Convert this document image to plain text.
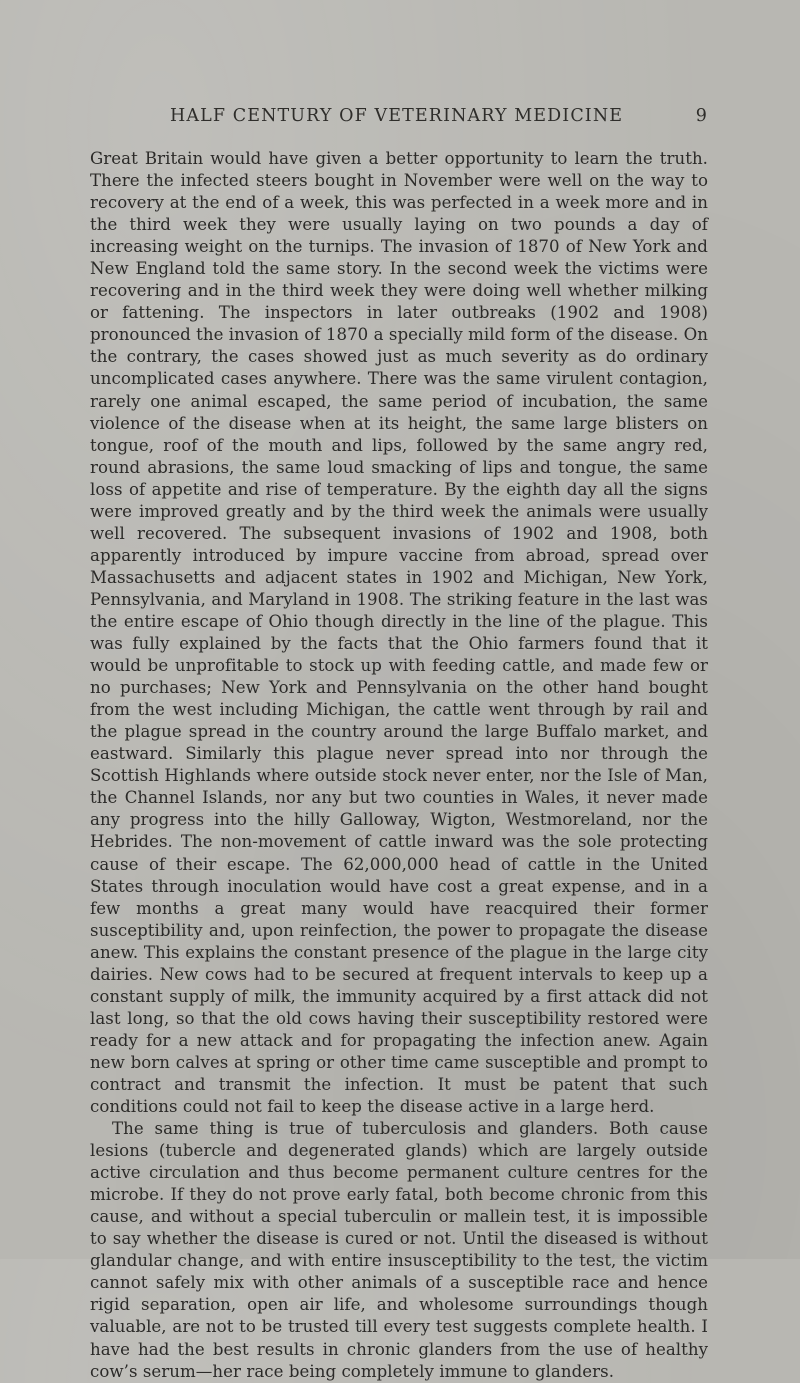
HALF CENTURY OF VETERINARY MEDICINE	9

Great Britain would have given a better opportunity to learn the truth. There the infected steers bought in November were well on the way to recovery at the end of a week, this was perfected in a week more and in the third week they were usually laying on two pounds a day of increasing weight on the turnips. The invasion of 1870 of New York and New England told the same story. In the second week the victims were recovering and in the third week they were doing well whether milking or fattening. The inspectors in later outbreaks (1902 and 1908) pronounced the invasion of 1870 a specially mild form of the disease. On the contrary, the cases showed just as much severity as do ordinary uncomplicated cases anywhere. There was the same virulent contagion, rarely one animal escaped, the same period of incubation, the same violence of the disease when at its height, the same large blisters on tongue, roof of the mouth and lips, followed by the same angry red, round abrasions, the same loud smacking of lips and tongue, the same loss of appetite and rise of temperature. By the eighth day all the signs were improved greatly and by the third week the animals were usually well recovered. The subsequent invasions of 1902 and 1908, both apparently introduced by impure vaccine from abroad, spread over Massachusetts and adjacent states in 1902 and Michigan, New York, Pennsylvania, and Maryland in 1908. The striking feature in the last was the entire escape of Ohio though directly in the line of the plague. This was fully explained by the facts that the Ohio farmers found that it would be unprofitable to stock up with feeding cattle, and made few or no purchases; New York and Pennsylvania on the other hand bought from the west including Michigan, the cattle went through by rail and the plague spread in the country around the large Buffalo market, and eastward. Similarly this plague never spread into nor through the Scottish Highlands where outside stock never enter, nor the Isle of Man, the Channel Islands, nor any but two counties in Wales, it never made any progress into the hilly Galloway, Wigton, Westmoreland, nor the Hebrides. The non-movement of cattle inward was the sole protecting cause of their escape. The 62,000,000 head of cattle in the United States through inoculation would have cost a great expense, and in a few months a great many would have reacquired their former susceptibility and, upon reinfection, the power to propagate the disease anew. This explains the constant presence of the plague in the large city dairies. New cows had to be secured at frequent intervals to keep up a constant supply of milk, the immunity acquired by a first attack did not last long, so that the old cows having their susceptibility restored were ready for a new attack and for propagating the infection anew. Again new born calves at spring or other time came susceptible and prompt to contract and transmit the infection. It must be patent that such conditions could not fail to keep the disease active in a large herd.

The same thing is true of tuberculosis and glanders. Both cause lesions (tubercle and degenerated glands) which are largely outside active circulation and thus become permanent culture centres for the microbe. If they do not prove early fatal, both become chronic from this cause, and without a special tuberculin or mallein test, it is impossible to say whether the disease is cured or not. Until the diseased is without glandular change, and with entire insusceptibility to the test, the victim cannot safely mix with other animals of a susceptible race and hence rigid separation, open air life, and wholesome surroundings though valuable, are not to be trusted till every test suggests complete health. I have had the best results in chronic glanders from the use of healthy cow’s serum—her race being completely immune to glanders.
